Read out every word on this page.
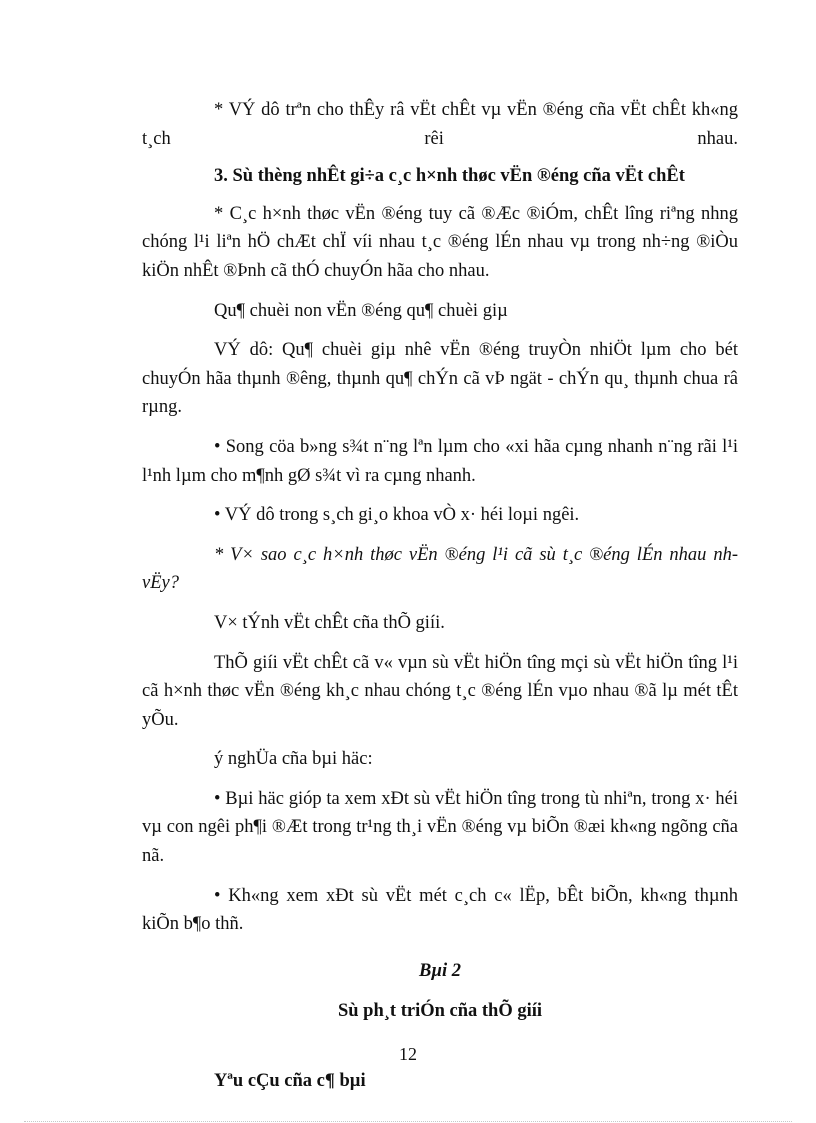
* VÝ dô trªn cho thÊy râ vËt chÊt vµ vËn ®éng cña vËt chÊt kh«ng t¸ch rêi nhau.

3. Sù thèng nhÊt gi÷a c¸c h×nh thøc vËn ®éng cña vËt chÊt

* C¸c h×nh thøc vËn ®éng tuy cã ®Æc ®iÓm, chÊt lîng riªng nhng chóng l¹i liªn hÖ chÆt chÏ víi nhau t¸c ®éng lÉn nhau vµ trong nh÷ng ®iÒu kiÖn nhÊt ®Þnh cã thÓ chuyÓn hãa cho nhau.

Qu¶ chuèi non vËn ®éng qu¶ chuèi giµ

VÝ dô: Qu¶ chuèi giµ nhê vËn ®éng truyÒn nhiÖt lµm cho bét chuyÓn hãa thµnh ®êng, thµnh qu¶ chÝn cã vÞ ngät - chÝn qu¸ thµnh chua râ rµng.

• Song cöa b»ng s¾t n¨ng lªn lµm cho «xi hãa cµng nhanh n¨ng rãi l¹i l¹nh lµm cho m¶nh gØ s¾t vì ra cµng nhanh.

• VÝ dô trong s¸ch gi¸o khoa vÒ x· héi loµi ngêi.

* V× sao c¸c h×nh thøc vËn ®éng l¹i cã sù t¸c ®éng lÉn nhau nh vËy?

V× tÝnh vËt chÊt cña thÕ giíi.

ThÕ giíi vËt chÊt cã v« vµn sù vËt hiÖn tîng mçi sù vËt hiÖn tîng l¹i cã h×nh thøc vËn ®éng kh¸c nhau chóng t¸c ®éng lÉn vµo nhau ®ã lµ mét tÊt yÕu.

ý nghÜa cña bµi häc:

• Bµi häc gióp ta xem xÐt sù vËt hiÖn tîng trong tù nhiªn, trong x· héi vµ con ngêi ph¶i ®Æt trong tr¹ng th¸i vËn ®éng vµ biÕn ®æi kh«ng ngõng cña nã.

• Kh«ng xem xÐt sù vËt mét c¸ch c« lËp, bÊt biÕn, kh«ng thµnh kiÕn b¶o thñ.

Bµi 2
Sù ph¸t triÓn cña thÕ giíi

Yªu cÇu cña c¶ bµi

12
